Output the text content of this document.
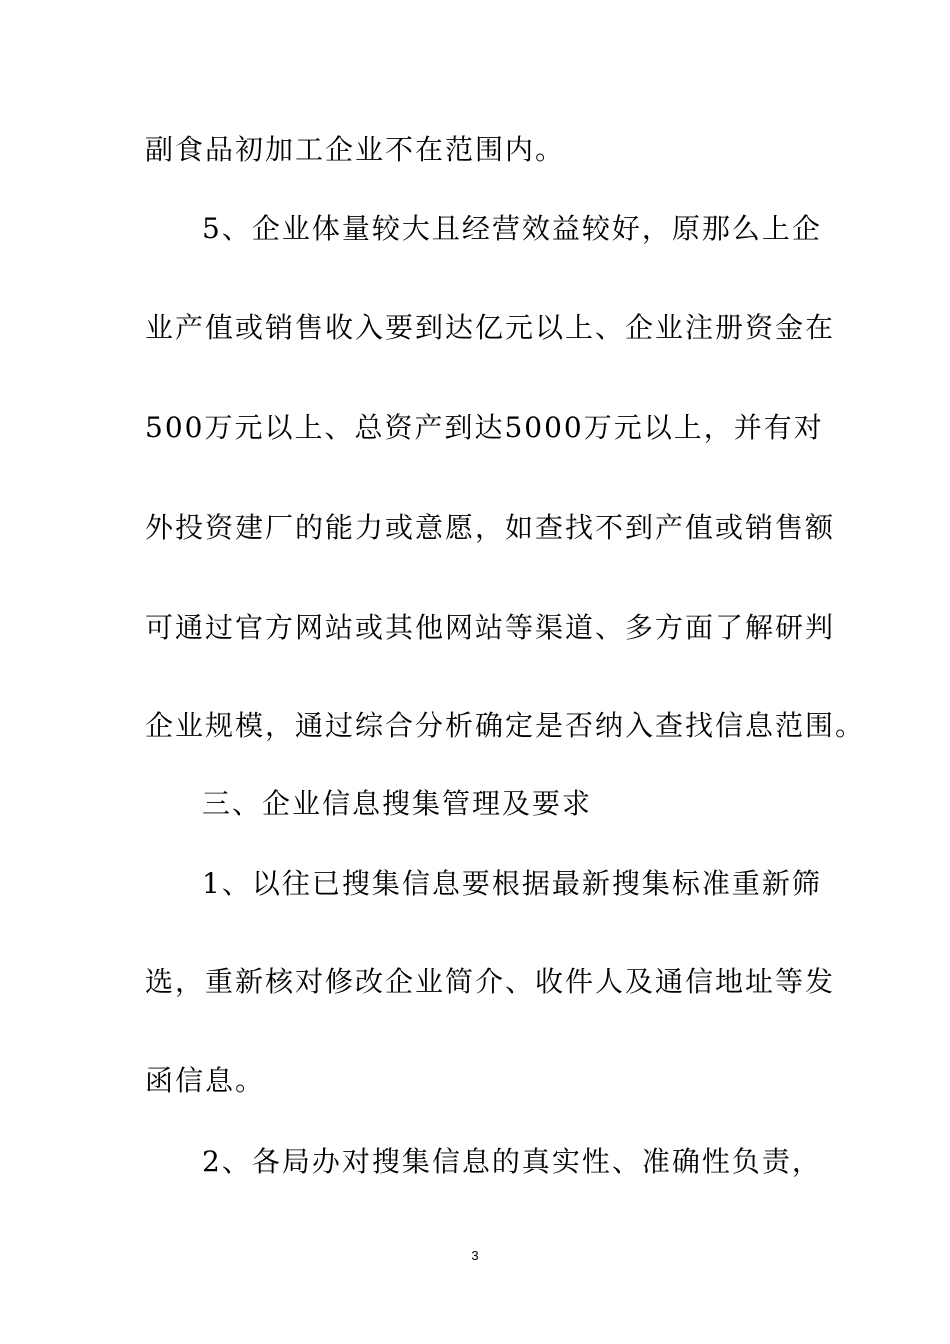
副食品初加工企业不在范围内。
5、企业体量较大且经营效益较好，原那么上企
业产值或销售收入要到达亿元以上、企业注册资金在
500万元以上、总资产到达5000万元以上，并有对
外投资建厂的能力或意愿，如查找不到产值或销售额
可通过官方网站或其他网站等渠道、多方面了解研判
企业规模，通过综合分析确定是否纳入查找信息范围。
三、企业信息搜集管理及要求
1、以往已搜集信息要根据最新搜集标准重新筛
选，重新核对修改企业简介、收件人及通信地址等发
函信息。
2、各局办对搜集信息的真实性、准确性负责，
3
